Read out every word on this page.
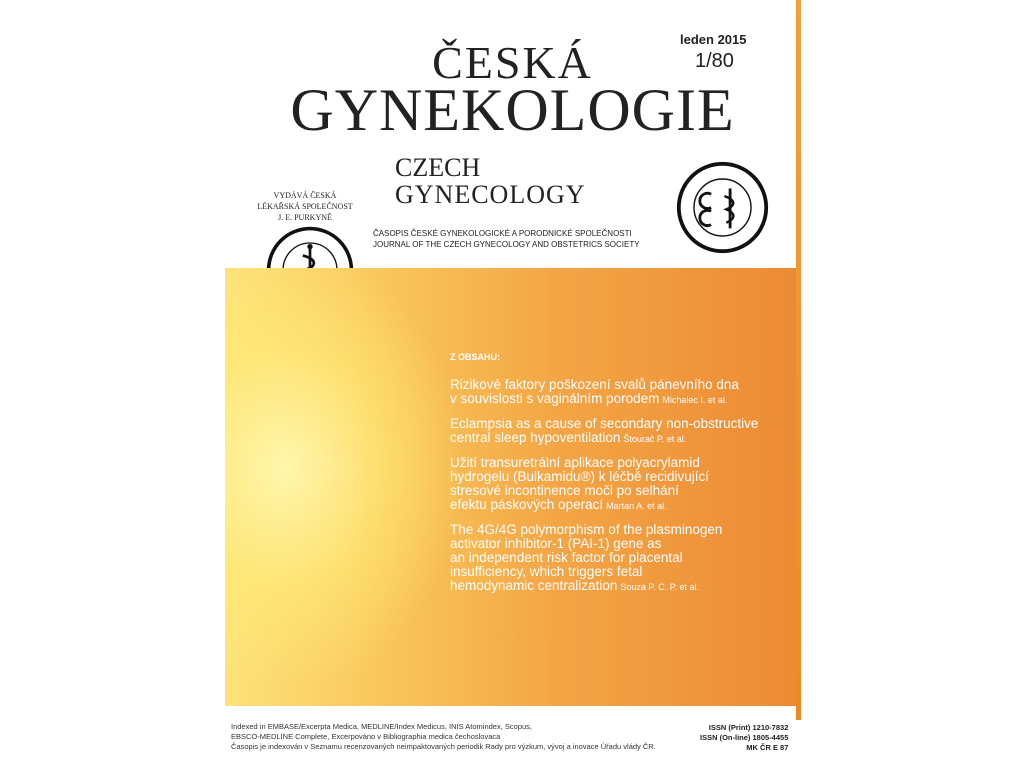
ČESKÁ
GYNEKOLOGIE
CZECH
GYNECOLOGY
leden 2015
1/80
VYDÁVÁ ČESKÁ
LÉKAŘSKÁ SPOLEČNOST
J. E. PURKYNĚ
ČASOPIS ČESKÉ GYNEKOLOGICKÉ A PORODNICKÉ SPOLEČNOSTI
JOURNAL OF THE CZECH GYNECOLOGY AND OBSTETRICS SOCIETY
Z OBSAHU:
Rizikové faktory poškození svalů pánevního dna
v souvislosti s vaginálním porodem Michalec I. et al.
Eclampsia as a cause of secondary non-obstructive
central sleep hypoventilation Štourač P. et al.
Užití transuretrální aplikace polyacrylamid
hydrogelu (Bulkamidu®) k léčbě recidivující
stresové incontinence moči po selhání
efektu páskových operací Martan A. et al.
The 4G/4G polymorphism of the plasminogen
activator inhibitor-1 (PAI-1) gene as
an independent risk factor for placental
insufficiency, which triggers fetal
hemodynamic centralization Souza P. C. P. et al.
Indexed in EMBASE/Excerpta Medica, MEDLINE/Index Medicus, INIS Atomindex, Scopus,
EBSCO-MEDLINE Complete, Excerpováno v Bibliographia medica čechoslovaca
Časopis je indexován v Seznamu recenzovaných neimpaktovaných periodik Rady pro výzkum, vývoj a inovace Úřadu vlády ČR.
ISSN (Print) 1210-7832
ISSN (On-line) 1805-4455
MK ČR E 87
